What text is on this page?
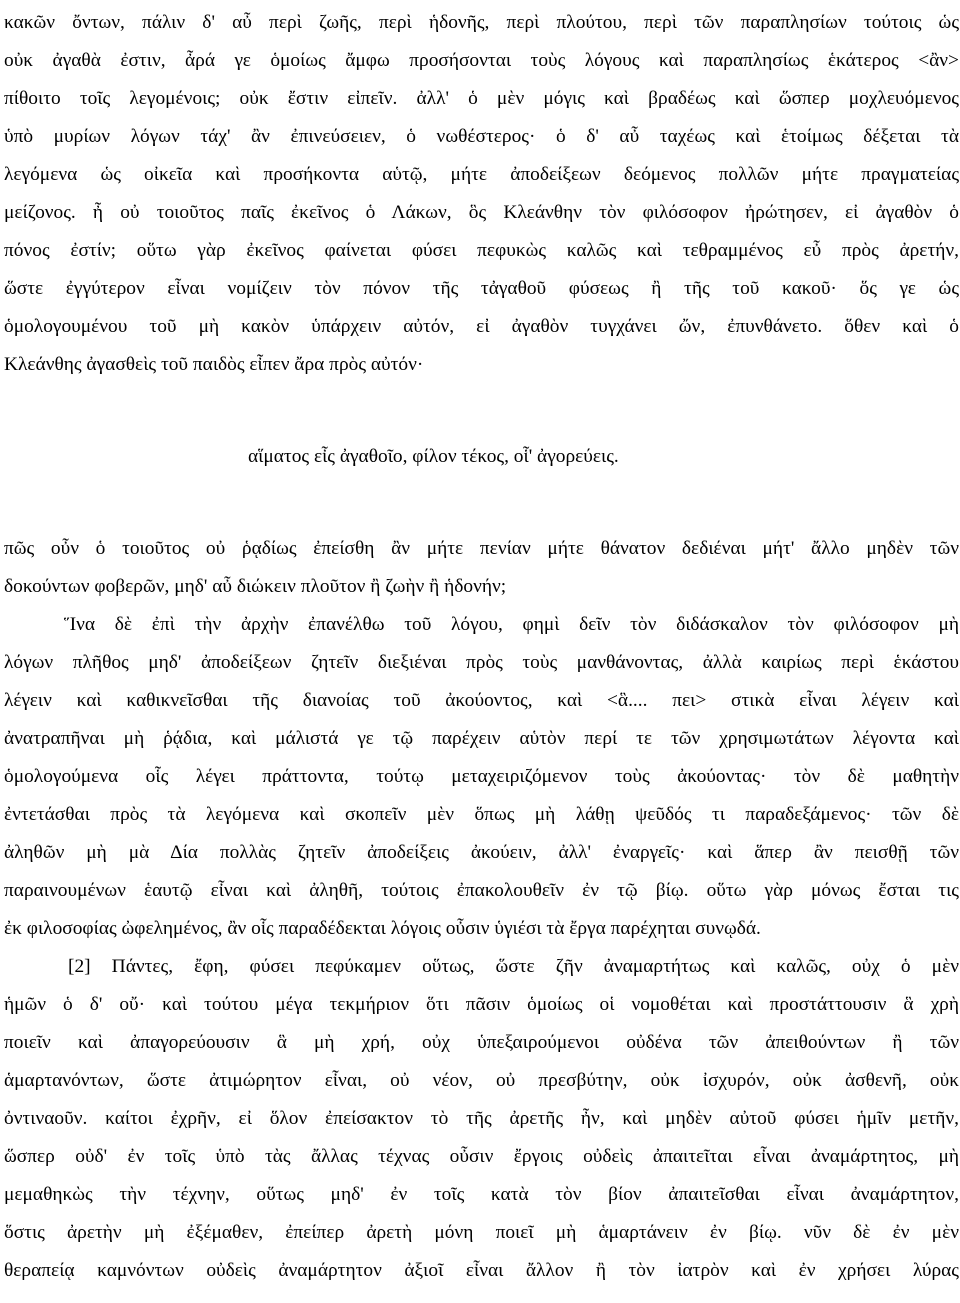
κακῶν ὄντων, πάλιν δ' αὖ περὶ ζωῆς, περὶ ἡδονῆς, περὶ πλούτου, περὶ τῶν παραπλησίων τούτοις ὡς
οὐκ ἀγαθὰ ἐστιν, ἆρά γε ὁμοίως ἄμφω προσήσονται τοὺς λόγους καὶ παραπλησίως ἑκάτερος <ἂν>
πίθοιτο τοῖς λεγομένοις; οὐκ ἔστιν εἰπεῖν. ἀλλ' ὁ μὲν μόγις καὶ βραδέως καὶ ὥσπερ μοχλευόμενος
ὑπὸ μυρίων λόγων τάχ' ἂν ἐπινεύσειεν, ὁ νωθέστερος· ὁ δ' αὖ ταχέως καὶ ἑτοίμως δέξεται τὰ
λεγόμενα ὡς οἰκεῖα καὶ προσήκοντα αὑτῷ, μήτε ἀποδείξεων δεόμενος πολλῶν μήτε πραγματείας
μείζονος. ἦ οὐ τοιοῦτος παῖς ἐκεῖνος ὁ Λάκων, ὃς Κλεάνθην τὸν φιλόσοφον ἠρώτησεν, εἰ ἀγαθὸν ὁ
πόνος ἐστίν; οὕτω γὰρ ἐκεῖνος φαίνεται φύσει πεφυκὼς καλῶς καὶ τεθραμμένος εὖ πρὸς ἀρετήν,
ὥστε ἐγγύτερον εἶναι νομίζειν τὸν πόνον τῆς τἀγαθοῦ φύσεως ἢ τῆς τοῦ κακοῦ· ὅς γε ὡς
ὁμολογουμένου τοῦ μὴ κακὸν ὑπάρχειν αὐτόν, εἰ ἀγαθὸν τυγχάνει ὤν, ἐπυνθάνετο. ὅθεν καὶ ὁ
Κλεάνθης ἀγασθεὶς τοῦ παιδὸς εἶπεν ἄρα πρὸς αὐτόν·
αἵματος εἶς ἀγαθοῖο, φίλον τέκος, οἷ' ἀγορεύεις.
πῶς οὖν ὁ τοιοῦτος οὐ ῥᾳδίως ἐπείσθη ἂν μήτε πενίαν μήτε θάνατον δεδιέναι μήτ' ἄλλο μηδὲν τῶν
δοκούντων φοβερῶν, μηδ' αὖ διώκειν πλοῦτον ἢ ζωὴν ἢ ἡδονήν;
Ἵνα δὲ ἐπὶ τὴν ἀρχὴν ἐπανέλθω τοῦ λόγου, φημὶ δεῖν τὸν διδάσκαλον τὸν φιλόσοφον μὴ
λόγων πλῆθος μηδ' ἀποδείξεων ζητεῖν διεξιέναι πρὸς τοὺς μανθάνοντας, ἀλλὰ καιρίως περὶ ἑκάστου
λέγειν καὶ καθικνεῖσθαι τῆς διανοίας τοῦ ἀκούοντος, καὶ <ἃ.... πει> στικὰ εἶναι λέγειν καὶ
ἀνατραπῆναι μὴ ῥᾴδια, καὶ μάλιστά γε τῷ παρέχειν αὑτὸν περί τε τῶν χρησιμωτάτων λέγοντα καὶ
ὁμολογούμενα οἷς λέγει πράττοντα, τούτῳ μεταχειριζόμενον τοὺς ἀκούοντας· τὸν δὲ μαθητὴν
ἐντετάσθαι πρὸς τὰ λεγόμενα καὶ σκοπεῖν μὲν ὅπως μὴ λάθῃ ψεῦδός τι παραδεξάμενος· τῶν δὲ
ἀληθῶν μὴ μὰ Δία πολλὰς ζητεῖν ἀποδείξεις ἀκούειν, ἀλλ' ἐναργεῖς· καὶ ἅπερ ἂν πεισθῇ τῶν
παραινουμένων ἑαυτῷ εἶναι καὶ ἀληθῆ, τούτοις ἐπακολουθεῖν ἐν τῷ βίῳ. οὕτω γὰρ μόνως ἔσται τις
ἐκ φιλοσοφίας ὠφελημένος, ἂν οἷς παραδέδεκται λόγοις οὖσιν ὑγιέσι τὰ ἔργα παρέχηται συνῳδά.
[2] Πάντες, ἔφη, φύσει πεφύκαμεν οὕτως, ὥστε ζῆν ἀναμαρτήτως καὶ καλῶς, οὐχ ὁ μὲν
ἡμῶν ὁ δ' οὔ· καὶ τούτου μέγα τεκμήριον ὅτι πᾶσιν ὁμοίως οἱ νομοθέται καὶ προστάττουσιν ἃ χρὴ
ποιεῖν καὶ ἀπαγορεύουσιν ἃ μὴ χρή, οὐχ ὑπεξαιρούμενοι οὐδένα τῶν ἀπειθούντων ἢ τῶν
ἁμαρτανόντων, ὥστε ἀτιμώρητον εἶναι, οὐ νέον, οὐ πρεσβύτην, οὐκ ἰσχυρόν, οὐκ ἀσθενῆ, οὐκ
ὀντιναοῦν. καίτοι ἐχρῆν, εἰ ὅλον ἐπείσακτον τὸ τῆς ἀρετῆς ἦν, καὶ μηδὲν αὐτοῦ φύσει ἡμῖν μετῆν,
ὥσπερ οὐδ' ἐν τοῖς ὑπὸ τὰς ἄλλας τέχνας οὖσιν ἔργοις οὐδεὶς ἀπαιτεῖται εἶναι ἀναμάρτητος, μὴ
μεμαθηκὼς τὴν τέχνην, οὕτως μηδ' ἐν τοῖς κατὰ τὸν βίον ἀπαιτεῖσθαι εἶναι ἀναμάρτητον,
ὅστις ἀρετὴν μὴ ἐξέμαθεν, ἐπείπερ ἀρετὴ μόνη ποιεῖ μὴ ἁμαρτάνειν ἐν βίῳ. νῦν δὲ ἐν μὲν
θεραπείᾳ καμνόντων οὐδεὶς ἀναμάρτητον ἀξιοῖ εἶναι ἄλλον ἢ τὸν ἰατρὸν καὶ ἐν χρήσει λύρας
